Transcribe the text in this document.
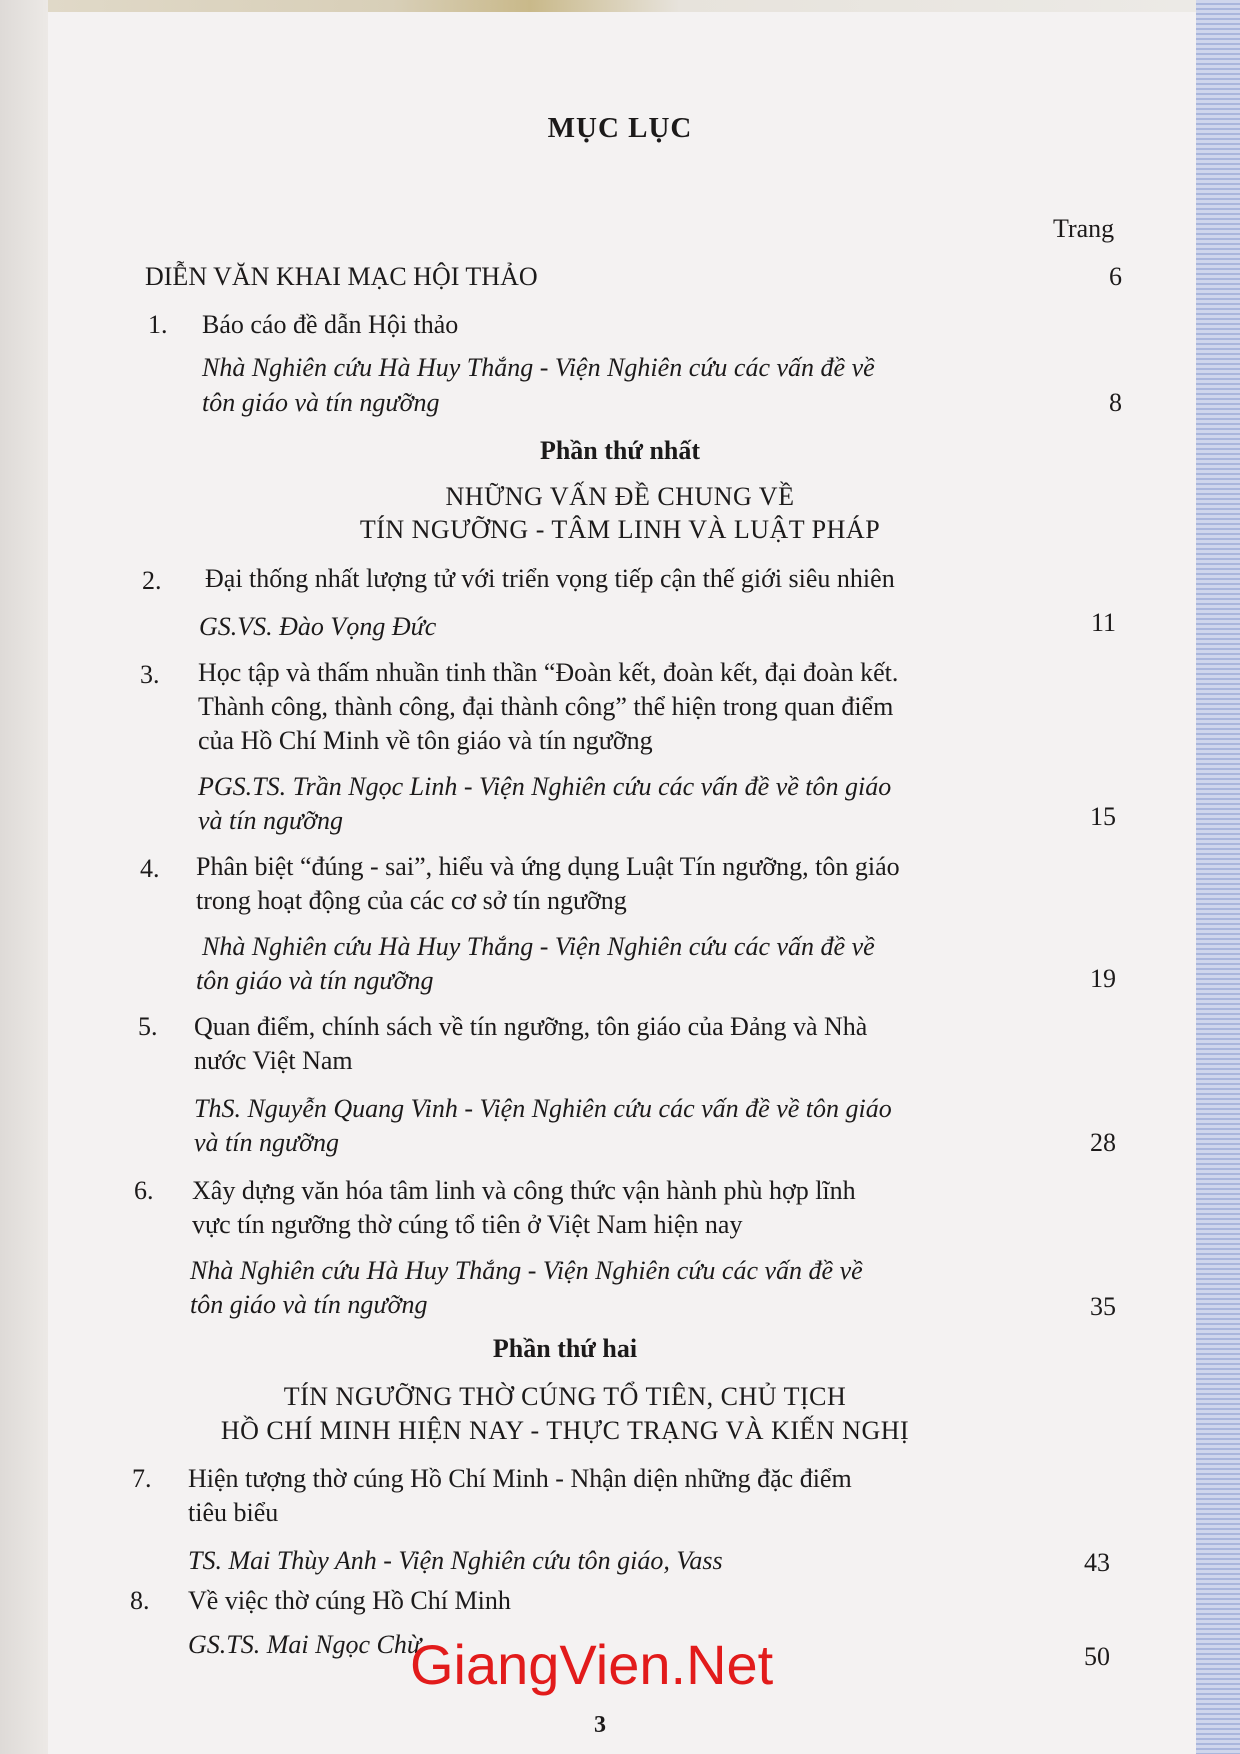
MỤC LỤC
Trang
DIỄN VĂN KHAI MẠC HỘI THẢO	6
1. Báo cáo đề dẫn Hội thảo
Nhà Nghiên cứu Hà Huy Thắng - Viện Nghiên cứu các vấn đề về
tôn giáo và tín ngưỡng	8
Phần thứ nhất
NHỮNG VẤN ĐỀ CHUNG VỀ
TÍN NGƯỠNG - TÂM LINH VÀ LUẬT PHÁP
2. Đại thống nhất lượng tử với triển vọng tiếp cận thế giới siêu nhiên
GS.VS. Đào Vọng Đức	11
3. Học tập và thấm nhuần tinh thần “Đoàn kết, đoàn kết, đại đoàn kết.
Thành công, thành công, đại thành công” thể hiện trong quan điểm
của Hồ Chí Minh về tôn giáo và tín ngưỡng
PGS.TS. Trần Ngọc Linh - Viện Nghiên cứu các vấn đề về tôn giáo
và tín ngưỡng	15
4. Phân biệt “đúng - sai”, hiểu và ứng dụng Luật Tín ngưỡng, tôn giáo
trong hoạt động của các cơ sở tín ngưỡng
Nhà Nghiên cứu Hà Huy Thắng - Viện Nghiên cứu các vấn đề về
tôn giáo và tín ngưỡng	19
5. Quan điểm, chính sách về tín ngưỡng, tôn giáo của Đảng và Nhà
nước Việt Nam
ThS. Nguyễn Quang Vinh - Viện Nghiên cứu các vấn đề về tôn giáo
và tín ngưỡng	28
6. Xây dựng văn hóa tâm linh và công thức vận hành phù hợp lĩnh
vực tín ngưỡng thờ cúng tổ tiên ở Việt Nam hiện nay
Nhà Nghiên cứu Hà Huy Thắng - Viện Nghiên cứu các vấn đề về
tôn giáo và tín ngưỡng	35
Phần thứ hai
TÍN NGƯỠNG THỜ CÚNG TỔ TIÊN, CHỦ TỊCH
HỒ CHÍ MINH HIỆN NAY - THỰC TRẠNG VÀ KIẾN NGHỊ
7. Hiện tượng thờ cúng Hồ Chí Minh - Nhận diện những đặc điểm
tiêu biểu
TS. Mai Thùy Anh - Viện Nghiên cứu tôn giáo, Vass	43
8. Về việc thờ cúng Hồ Chí Minh
GS.TS. Mai Ngọc Chừ	50
GiangVien.Net
3
